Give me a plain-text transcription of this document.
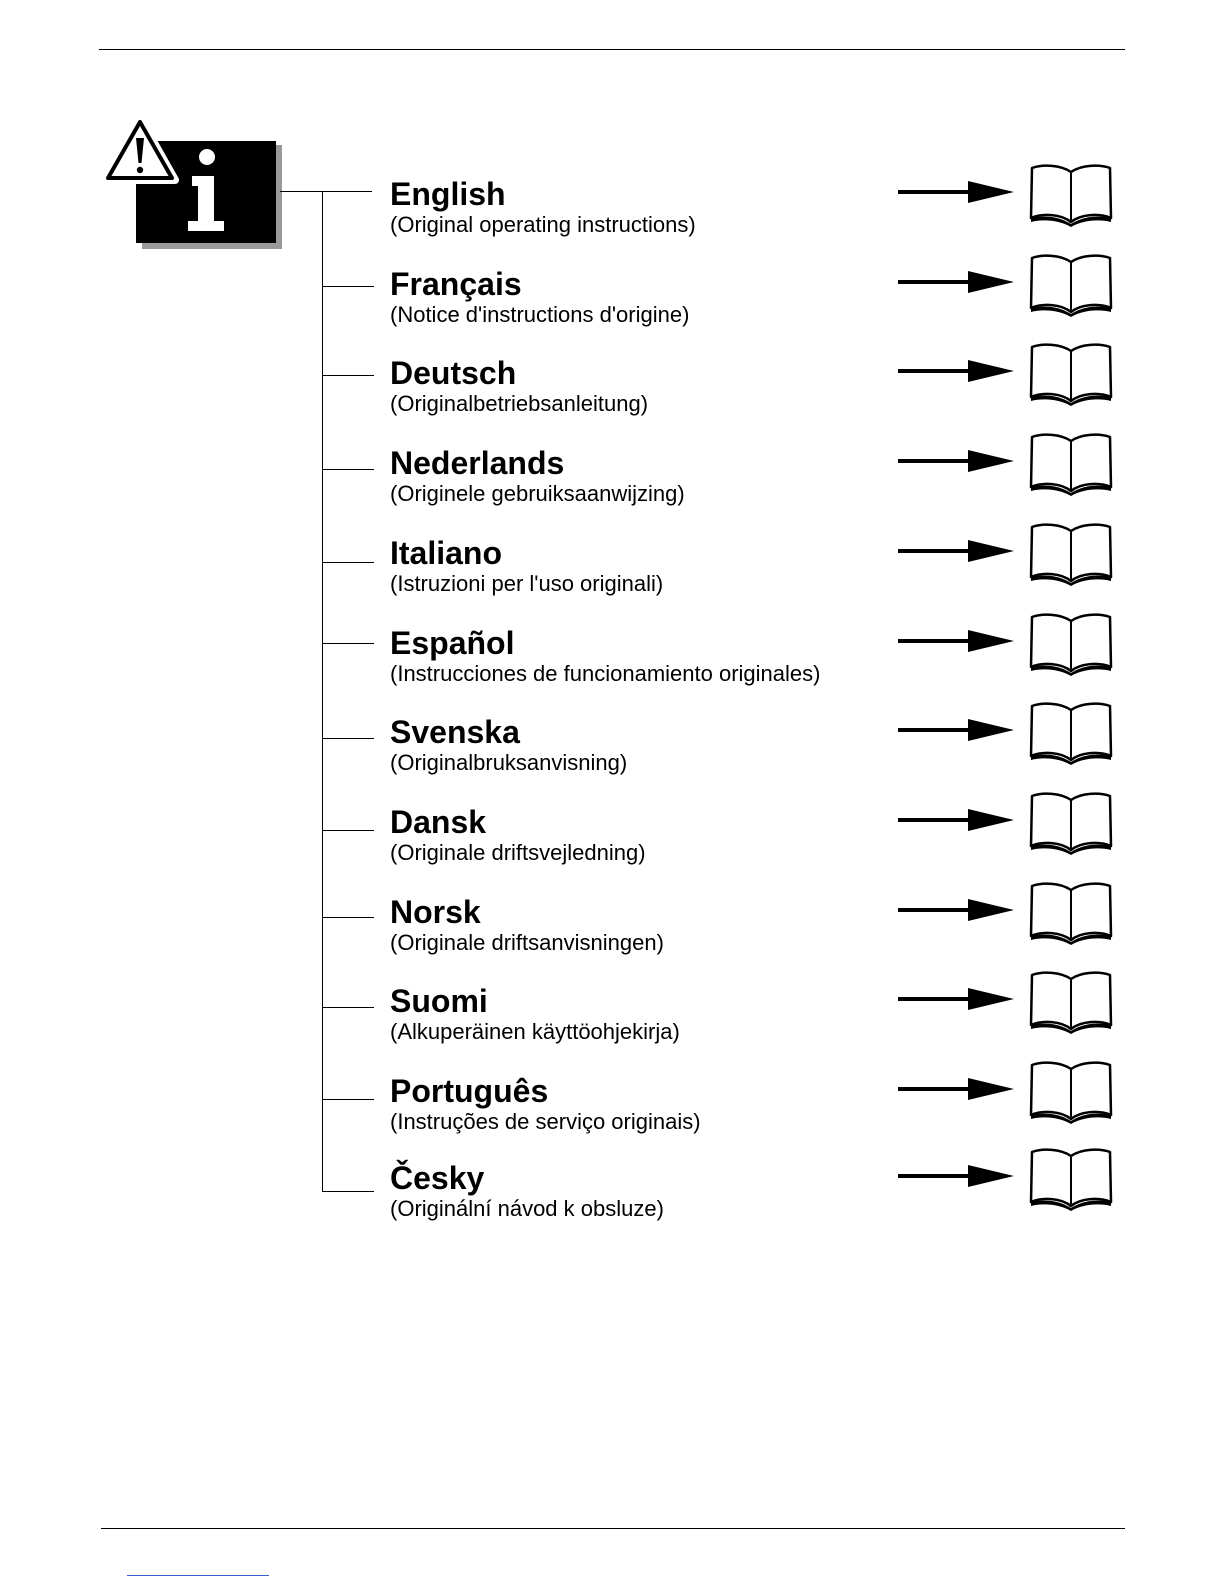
English
(Original operating instructions)
Français
(Notice d'instructions d'origine)
Deutsch
(Originalbetriebsanleitung)
Nederlands
(Originele gebruiksaanwijzing)
Italiano
(Istruzioni per l'uso originali)
Español
(Instrucciones de funcionamiento originales)
Svenska
(Originalbruksanvisning)
Dansk
(Originale driftsvejledning)
Norsk
(Originale driftsanvisningen)
Suomi
(Alkuperäinen käyttöohjekirja)
Português
(Instruções de serviço originais)
Česky
(Originální návod k obsluze)
